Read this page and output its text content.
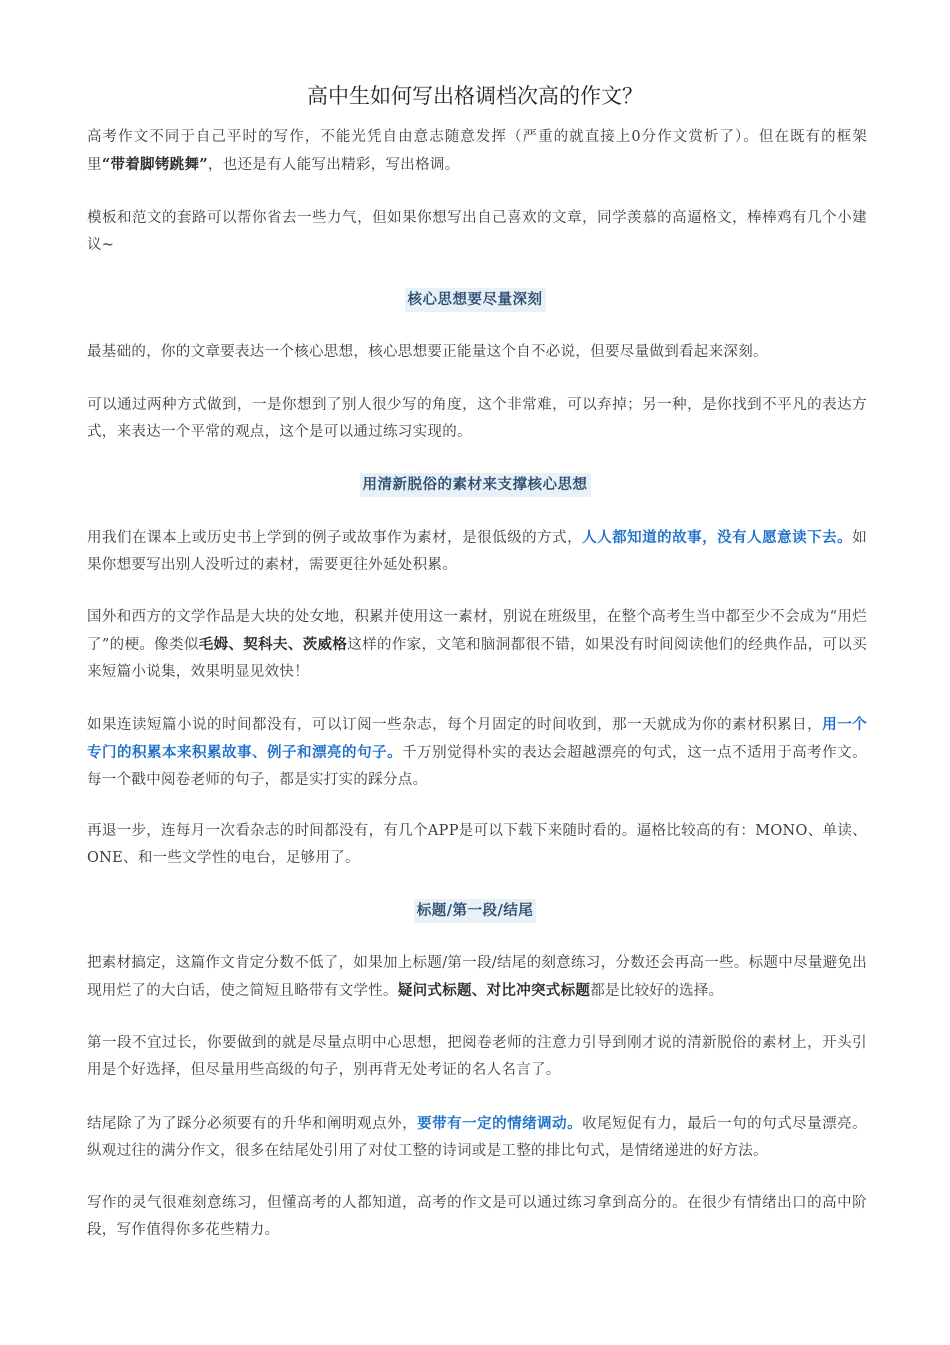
高中生如何写出格调档次高的作文？
高考作文不同于自己平时的写作，不能光凭自由意志随意发挥（严重的就直接上0分作文赏析了）。但在既有的框架里“带着脚铐跳舞”，也还是有人能写出精彩，写出格调。
模板和范文的套路可以帮你省去一些力气，但如果你想写出自己喜欢的文章，同学羡慕的高逼格文，棒棒鸡有几个小建议~
核心思想要尽量深刻
最基础的，你的文章要表达一个核心思想，核心思想要正能量这个自不必说，但要尽量做到看起来深刻。
可以通过两种方式做到，一是你想到了别人很少写的角度，这个非常难，可以弃掉；另一种，是你找到不平凡的表达方式，来表达一个平常的观点，这个是可以通过练习实现的。
用清新脱俗的素材来支撑核心思想
用我们在课本上或历史书上学到的例子或故事作为素材，是很低级的方式，人人都知道的故事，没有人愿意读下去。如果你想要写出别人没听过的素材，需要更往外延处积累。
国外和西方的文学作品是大块的处女地，积累并使用这一素材，别说在班级里，在整个高考生当中都至少不会成为“用烂了”的梗。像类似毛姆、契科夫、茨威格这样的作家，文笔和脑洞都很不错，如果没有时间阅读他们的经典作品，可以买来短篇小说集，效果明显见效快！
如果连读短篇小说的时间都没有，可以订阅一些杂志，每个月固定的时间收到，那一天就成为你的素材积累日，用一个专门的积累本来积累故事、例子和漂亮的句子。千万别觉得朴实的表达会超越漂亮的句式，这一点不适用于高考作文。每一个戳中阅卷老师的句子，都是实打实的踩分点。
再退一步，连每月一次看杂志的时间都没有，有几个APP是可以下载下来随时看的。逼格比较高的有：MONO、单读、ONE、和一些文学性的电台，足够用了。
标题/第一段/结尾
把素材搞定，这篇作文肯定分数不低了，如果加上标题/第一段/结尾的刻意练习，分数还会再高一些。标题中尽量避免出现用烂了的大白话，使之简短且略带有文学性。疑问式标题、对比冲突式标题都是比较好的选择。
第一段不宜过长，你要做到的就是尽量点明中心思想，把阅卷老师的注意力引导到刚才说的清新脱俗的素材上，开头引用是个好选择，但尽量用些高级的句子，别再背无处考证的名人名言了。
结尾除了为了踩分必须要有的升华和阐明观点外，要带有一定的情绪调动。收尾短促有力，最后一句的句式尽量漂亮。纵观过往的满分作文，很多在结尾处引用了对仗工整的诗词或是工整的排比句式，是情绪递进的好方法。
写作的灵气很难刻意练习，但懂高考的人都知道，高考的作文是可以通过练习拿到高分的。在很少有情绪出口的高中阶段，写作值得你多花些精力。
